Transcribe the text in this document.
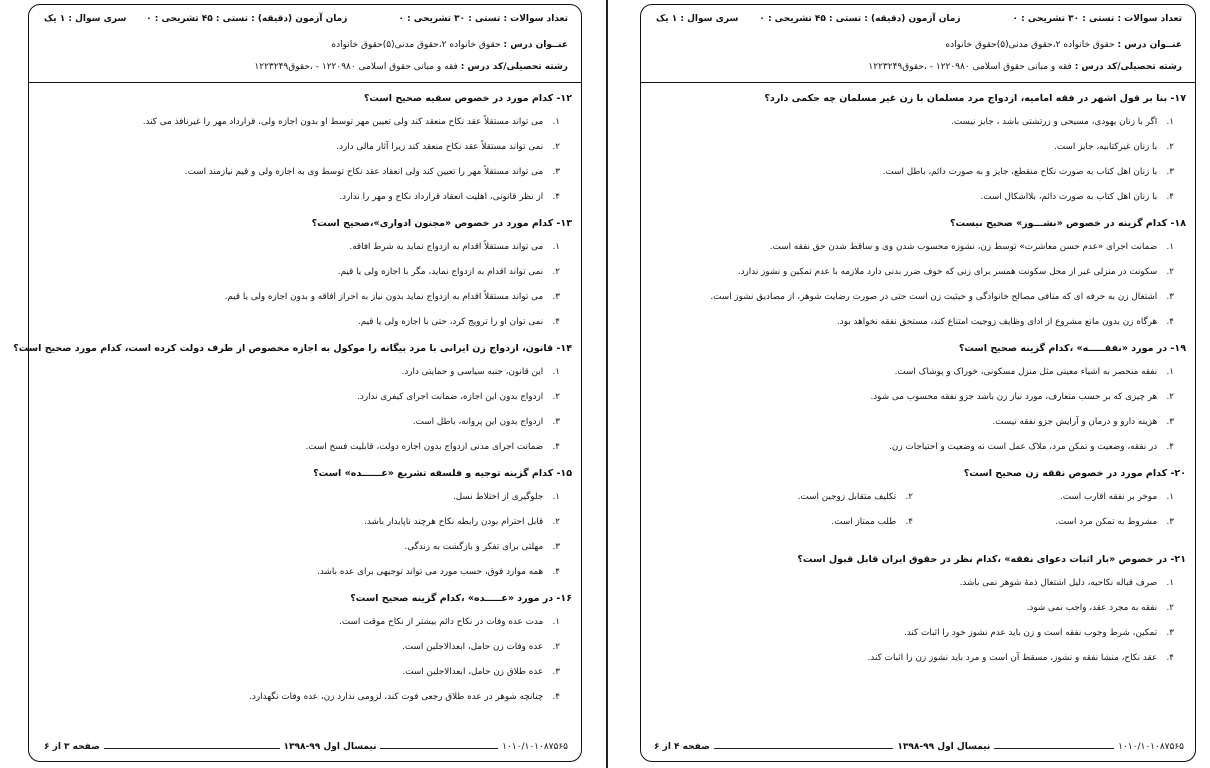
تعداد سوالات : تستی : ۳۰ تشریحی : ۰
زمان آزمون (دقیقه) : تستی : ۴۵ تشریحی : ۰
سری سوال : ۱ یک
عنــوان درس : حقوق خانواده ۲،حقوق مدنی(۵)حقوق خانواده
رشته تحصیلی/کد درس : فقه و مبانی حقوق اسلامی ۱۲۲۰۹۸۰ - ،حقوق۱۲۲۳۲۴۹
۱۲- کدام مورد در خصوص سفیه صحیح است؟
۱. می تواند مستقلاً عقد نکاح منعقد کند ولی تعیین مهر توسط او بدون اجازه ولی، قرارداد مهر را غیرنافذ می کند.
۲. نمی تواند مستقلاً عقد نکاح منعقد کند زیرا آثار مالی دارد.
۳. می تواند مستقلاً مهر را تعیین کند ولی انعقاد عقد نکاح توسط وی به اجازه ولی و قیم نیازمند است.
۴. از نظر قانونی، اهلیت انعقاد قرارداد نکاح و مهر را ندارد.
۱۳- کدام مورد در خصوص «مجنون ادواری»،صحیح است؟
۱. می تواند مستقلاً اقدام به ازدواج نماید به شرط افاقه.
۲. نمی تواند اقدام به ازدواج نماید، مگر با اجازه ولی یا قیم.
۳. می تواند مستقلاً اقدام به ازدواج نماید بدون نیاز به احراز افاقه و بدون اجازه ولی یا قیم.
۴. نمی توان او را ترویج کرد، حتی با اجازه ولی یا قیم.
۱۴- قانون، ازدواج زن ایرانی با مرد بیگانه را موکول به اجازه مخصوص از طرف دولت کرده است، کدام مورد صحیح است؟
۱. این قانون، جنبه سیاسی و حمایتی دارد.
۲. ازدواج بدون این اجازه، ضمانت اجرای کیفری ندارد.
۳. ازدواج بدون این پروانه، باطل است.
۴. ضمانت اجرای مدنی ازدواج بدون اجازه دولت، قابلیت فسخ است.
۱۵- کدام گزینه توجیه و فلسفه تشریع «عــــــده» است؟
۱. جلوگیری از اختلاط نسل.
۲. قابل احترام بودن رابطه نکاح هرچند ناپایدار باشد.
۳. مهلتی برای تفکر و بازگشت به زندگی.
۴. همه موارد فوق، حسب مورد می تواند توجیهی برای عده باشد.
۱۶- در مورد «عـــــده» ،کدام گزینه صحیح است؟
۱. مدت عده وفات در نکاح دائم بیشتر از نکاح موقت است.
۲. عده وفات زن حامل، ابعدالاجلین است.
۳. عده طلاق زن حامل، ابعدالاجلین است.
۴. چنانچه شوهر در عده طلاق رجعی فوت کند، لزومی ندارد زن، عده وفات نگهدارد.
۱۰۱۰/۱۰۱۰۸۷۵۶۵
نیمسال اول ۹۹-۱۳۹۸
صفحه ۳ از ۶
تعداد سوالات : تستی : ۳۰ تشریحی : ۰
زمان آزمون (دقیقه) : تستی : ۴۵ تشریحی : ۰
سری سوال : ۱ یک
عنــوان درس : حقوق خانواده ۲،حقوق مدنی(۵)حقوق خانواده
رشته تحصیلی/کد درس : فقه و مبانی حقوق اسلامی ۱۲۲۰۹۸۰ - ،حقوق۱۲۲۳۲۴۹
۱۷- بنا بر قول اشهر در فقه امامیه، ازدواج مرد مسلمان با زن غیر مسلمان چه حکمی دارد؟
۱. اگر با زنان یهودی، مسیحی و زرتشتی باشد ، جایز نیست.
۲. با زنان غیرکتابیه، جایز است.
۳. با زنان اهل کتاب به صورت نکاح منقطع، جایز و به صورت دائم، باطل است.
۴. با زنان اهل کتاب به صورت دائم، بلااشکال است.
۱۸- کدام گزینه در خصوص «نشـــوز» صحیح نیست؟
۱. ضمانت اجرای «عدم حسن معاشرت» توسط زن، نشوزه محسوب شدن وی و ساقط شدن حق نفقه است.
۲. سکونت در منزلی غیر از محل سکونت همسر برای زنی که خوف ضرر بدنی دارد ملازمه با عدم تمکین و نشوز ندارد.
۳. اشتغال زن به حرفه ای که منافی مصالح خانوادگی و حیثیت زن است حتی در صورت رضایت شوهر، از مصادیق نشوز است.
۴. هرگاه زن بدون مانع مشروع از ادای وظایف زوجیت امتناع کند، مستحق نفقه نخواهد بود.
۱۹- در مورد «نفقـــــه» ،کدام گزینه صحیح است؟
۱. نفقه منحصر به اشیاء معینی مثل منزل مسکونی، خوراک و پوشاک است.
۲. هر چیزی که بر حسب متعارف، مورد نیاز زن باشد جزو نفقه محسوب می شود.
۳. هزینه دارو و درمان و آرایش جزو نفقه نیست.
۴. در نفقه، وضعیت و تمکن مرد، ملاک عمل است نه وضعیت و احتیاجات زن.
۲۰- کدام مورد در خصوص نفقه زن صحیح است؟
۱. موخر بر نفقه اقارب است.
۲. تکلیف متقابل زوجین است.
۳. مشروط به تمکن مرد است.
۴. طلب ممتاز است.
۲۱- در خصوص «بار اثبات دعوای نفقه» ،کدام نظر در حقوق ایران قابل قبول است؟
۱. صرف قباله نکاحیه، دلیل اشتغال ذمهٔ شوهر نمی باشد.
۲. نفقه به مجرد عقد، واجب نمی شود.
۳. تمکین، شرط وجوب نفقه است و زن باید عدم نشوز خود را اثبات کند.
۴. عقد نکاح، منشا نفقه و نشوز، مسقط آن است و مرد باید نشوز زن را اثبات کند.
۱۰۱۰/۱۰۱۰۸۷۵۶۵
نیمسال اول ۹۹-۱۳۹۸
صفحه ۴ از ۶
